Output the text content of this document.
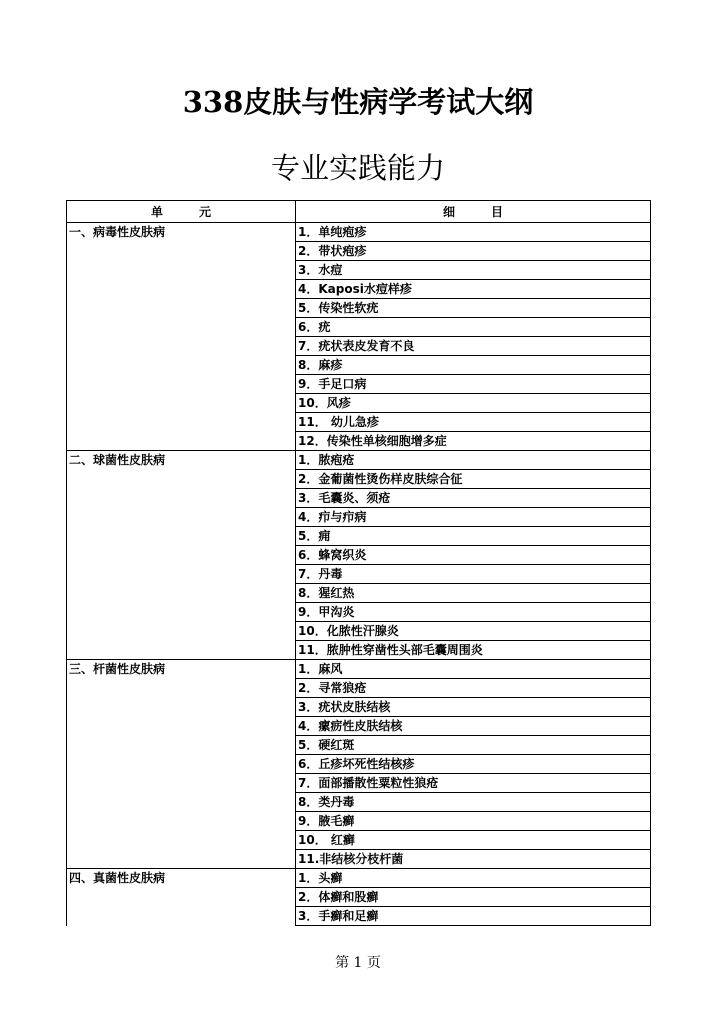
338皮肤与性病学考试大纲
专业实践能力
单　　　元	细　　　目
一、病毒性皮肤病	1．单纯疱疹
	2．带状疱疹
	3．水痘
	4．Kaposi水痘样疹
	5．传染性软疣
	6．疣
	7．疣状表皮发育不良
	8．麻疹
	9．手足口病
	10．风疹
	11． 幼儿急疹
	12．传染性单核细胞增多症
二、球菌性皮肤病	1．脓疱疮
	2．金葡菌性烫伤样皮肤综合征
	3．毛囊炎、须疮
	4．疖与疖病
	5．痈
	6．蜂窝织炎
	7．丹毒
	8．猩红热
	9．甲沟炎
	10．化脓性汗腺炎
	11．脓肿性穿凿性头部毛囊周围炎
三、杆菌性皮肤病	1．麻风
	2．寻常狼疮
	3．疣状皮肤结核
	4．瘰疬性皮肤结核
	5．硬红斑
	6．丘疹坏死性结核疹
	7．面部播散性粟粒性狼疮
	8．类丹毒
	9．腋毛癣
	10． 红癣
	11.非结核分枝杆菌
四、真菌性皮肤病	1．头癣
	2．体癣和股癣
	3．手癣和足癣
第 1 页
